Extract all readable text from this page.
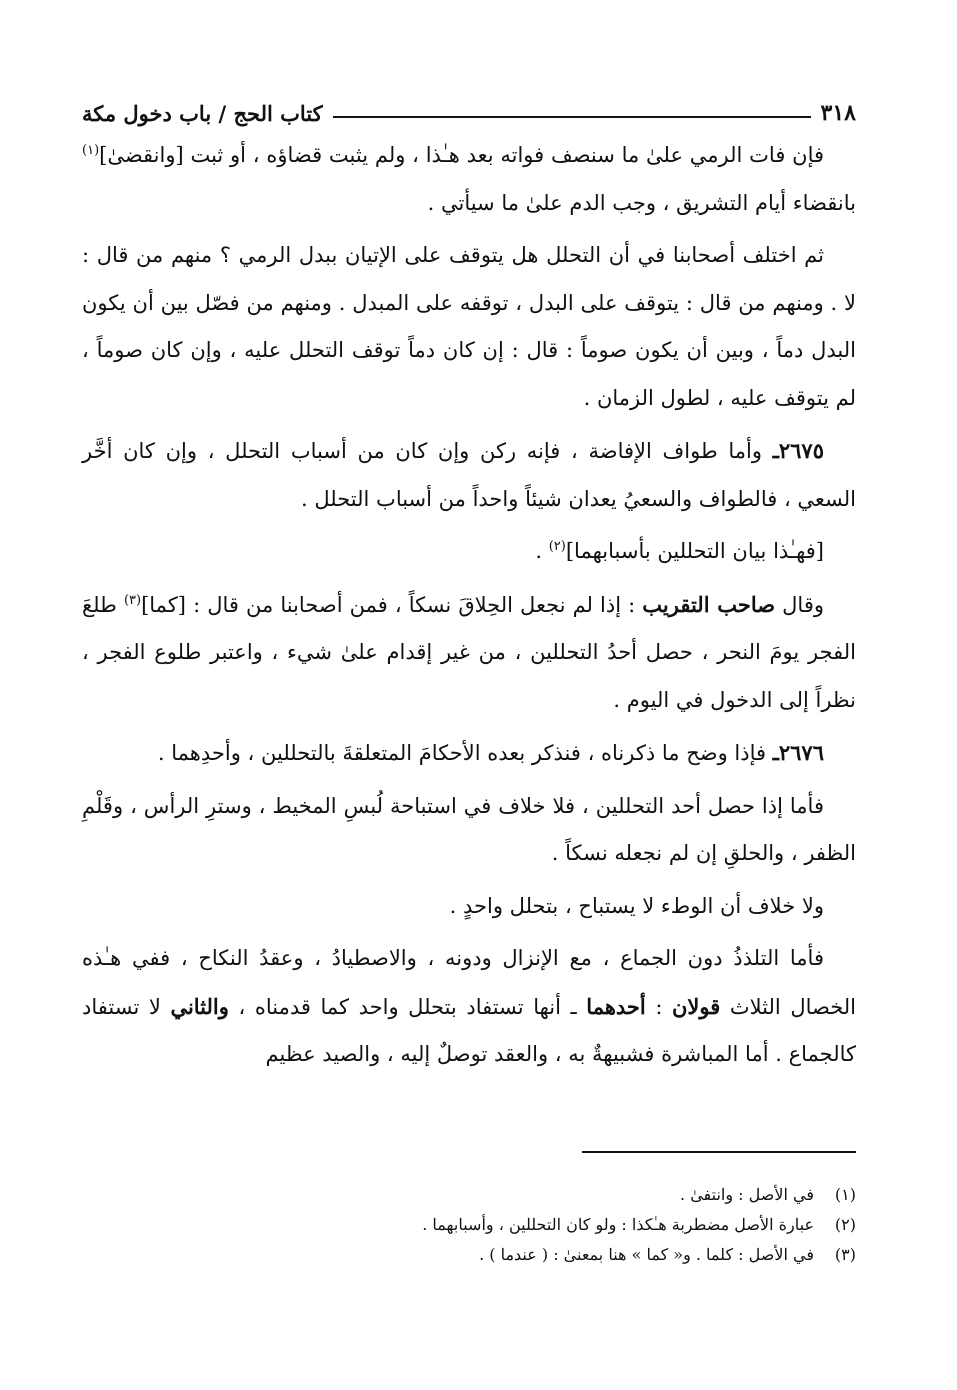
٣١٨
كتاب الحج / باب دخول مكة

فإن فات الرمي علىٰ ما سنصف فواته بعد هـٰذا ، ولم يثبت قضاؤه ، أو ثبت [وانقضىٰ]$^{(١)}$ بانقضاء أيام التشريق ، وجب الدم علىٰ ما سيأتي .

ثم اختلف أصحابنا في أن التحلل هل يتوقف على الإتيان ببدل الرمي ؟ منهم من قال : لا . ومنهم من قال : يتوقف على البدل ، توقفه على المبدل . ومنهم من فصّل بين أن يكون البدل دماً ، وبين أن يكون صوماً : قال : إن كان دماً توقف التحلل عليه ، وإن كان صوماً ، لم يتوقف عليه ، لطول الزمان .

٢٦٧٥ـ وأما طواف الإفاضة ، فإنه ركن وإن كان من أسباب التحلل ، وإن كان أخَّر السعي ، فالطواف والسعيُ يعدان شيئاً واحداً من أسباب التحلل .

[فهـٰذا بيان التحللين بأسبابهما]$^{(٢)}$ .

وقال صاحب التقريب : إذا لم نجعل الحِلاقَ نسكاً ، فمن أصحابنا من قال : [كما]$^{(٣)}$ طلعَ الفجر يومَ النحر ، حصل أحدُ التحللين ، من غير إقدام علىٰ شيء ، واعتبر طلوع الفجر ، نظراً إلى الدخول في اليوم .

٢٦٧٦ـ فإذا وضح ما ذكرناه ، فنذكر بعده الأحكامَ المتعلقةَ بالتحللين ، وأحدِهما .

فأما إذا حصل أحد التحللين ، فلا خلاف في استباحة لُبسِ المخيط ، وسترِ الرأس ، وقَلْمِ الظفر ، والحلقِ إن لم نجعله نسكاً .

ولا خلاف أن الوطء لا يستباح ، بتحلل واحدٍ .

فأما التلذذُ دون الجماع ، مع الإنزال ودونه ، والاصطيادُ ، وعقدُ النكاح ، ففي هـٰذه الخصال الثلاث قولان : أحدهما ـ أنها تستفاد بتحلل واحد كما قدمناه ، والثاني لا تستفاد كالجماع . أما المباشرة فشبيهةٌ به ، والعقد توصلٌ إليه ، والصيد عظيم

(١)
في الأصل : وانتفىٰ .
(٢)
عبارة الأصل مضطربة هـٰكذا : ولو كان التحللين ، وأسبابهما .
(٣)
في الأصل : كلما . و« كما » هنا بمعنىٰ : ( عندما ) .
